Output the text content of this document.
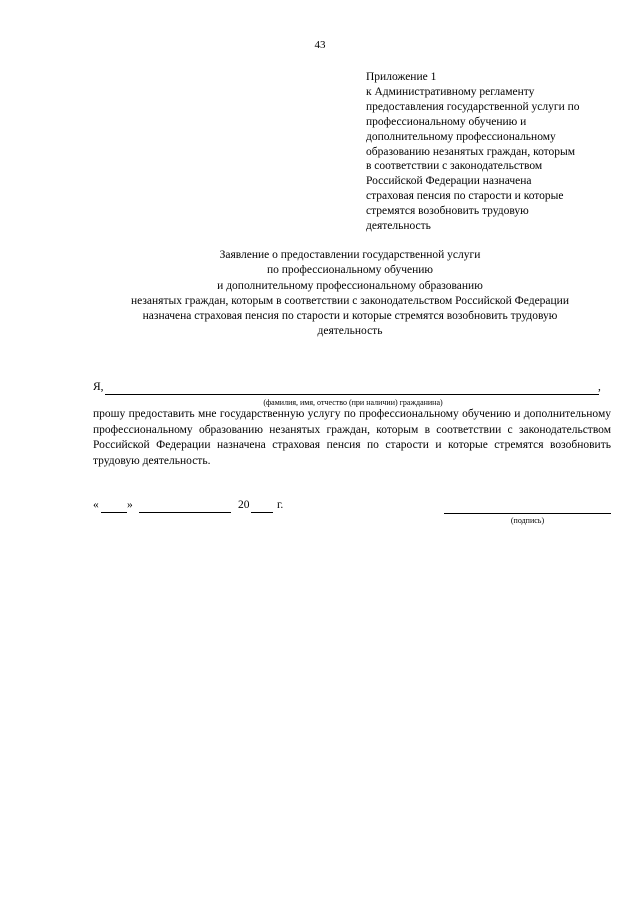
43
Приложение 1
к Административному регламенту
предоставления государственной услуги по
профессиональному обучению и
дополнительному профессиональному
образованию незанятых граждан, которым
в соответствии с законодательством
Российской Федерации назначена
страховая пенсия по старости и которые
стремятся возобновить трудовую
деятельность
Заявление о предоставлении государственной услуги
по профессиональному обучению
и дополнительному профессиональному образованию
незанятых граждан, которым в соответствии с законодательством Российской Федерации
назначена страховая пенсия по старости и которые стремятся возобновить трудовую
деятельность
Я,	,
(фамилия, имя, отчество (при наличии) гражданина)
прошу предоставить мне государственную услугу по профессиональному обучению и дополнительному профессиональному образованию незанятых граждан, которым в соответствии с законодательством Российской Федерации назначена страховая пенсия по старости и которые стремятся возобновить трудовую деятельность.
« »	20 г.
(подпись)
